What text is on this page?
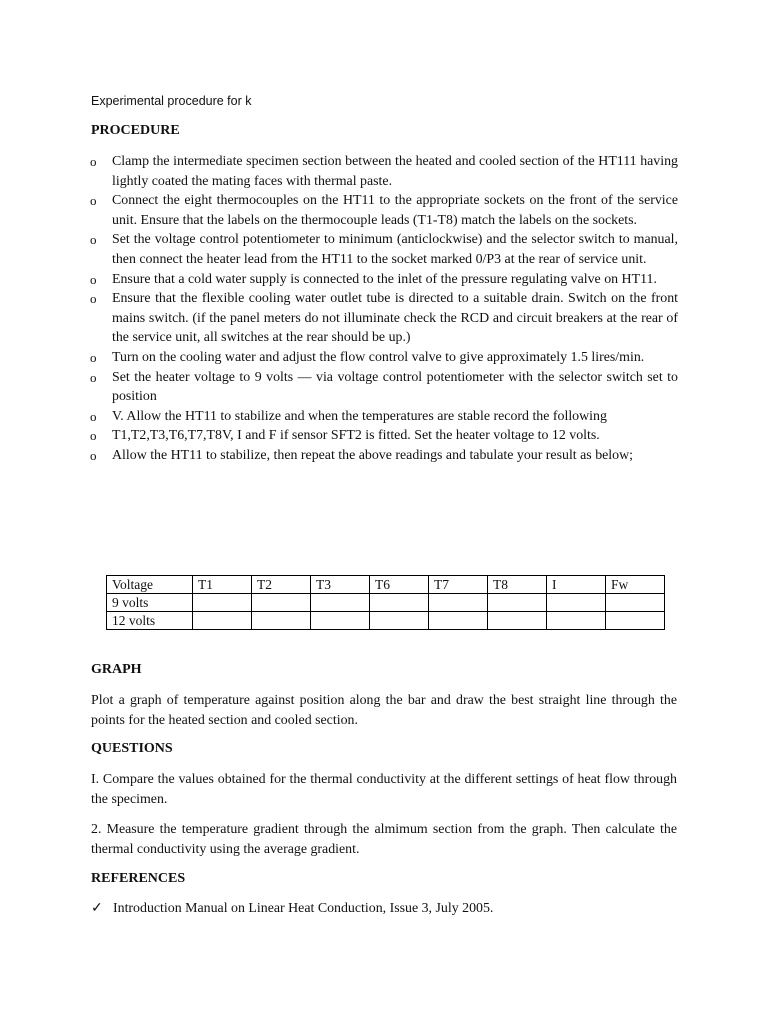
Experimental procedure for k
PROCEDURE
o Clamp the intermediate specimen section between the heated and cooled section of the HT111 having lightly coated the mating faces with thermal paste.
o Connect the eight thermocouples on the HT11 to the appropriate sockets on the front of the service unit. Ensure that the labels on the thermocouple leads (T1-T8) match the labels on the sockets.
o Set the voltage control potentiometer to minimum (anticlockwise) and the selector switch to manual, then connect the heater lead from the HT11 to the socket marked 0/P3 at the rear of service unit.
o Ensure that a cold water supply is connected to the inlet of the pressure regulating valve on HT11.
o Ensure that the flexible cooling water outlet tube is directed to a suitable drain. Switch on the front mains switch. (if the panel meters do not illuminate check the RCD and circuit breakers at the rear of the service unit, all switches at the rear should be up.)
o Turn on the cooling water and adjust the flow control valve to give approximately 1.5 lires/min.
o Set the heater voltage to 9 volts — via voltage control potentiometer with the selector switch set to position
o V. Allow the HT11 to stabilize and when the temperatures are stable record the following
o T1,T2,T3,T6,T7,T8V, I and F if sensor SFT2 is fitted. Set the heater voltage to 12 volts.
o Allow the HT11 to stabilize, then repeat the above readings and tabulate your result as below;
Voltage	T1	T2	T3	T6	T7	T8	I	Fw
9 volts								
12 volts								
GRAPH
Plot a graph of temperature against position along the bar and draw the best straight line through the points for the heated section and cooled section.
QUESTIONS
I. Compare the values obtained for the thermal conductivity at the different settings of heat flow through the specimen.
2. Measure the temperature gradient through the almimum section from the graph. Then calculate the thermal conductivity using the average gradient.
REFERENCES
✓ Introduction Manual on Linear Heat Conduction, Issue 3, July 2005.
